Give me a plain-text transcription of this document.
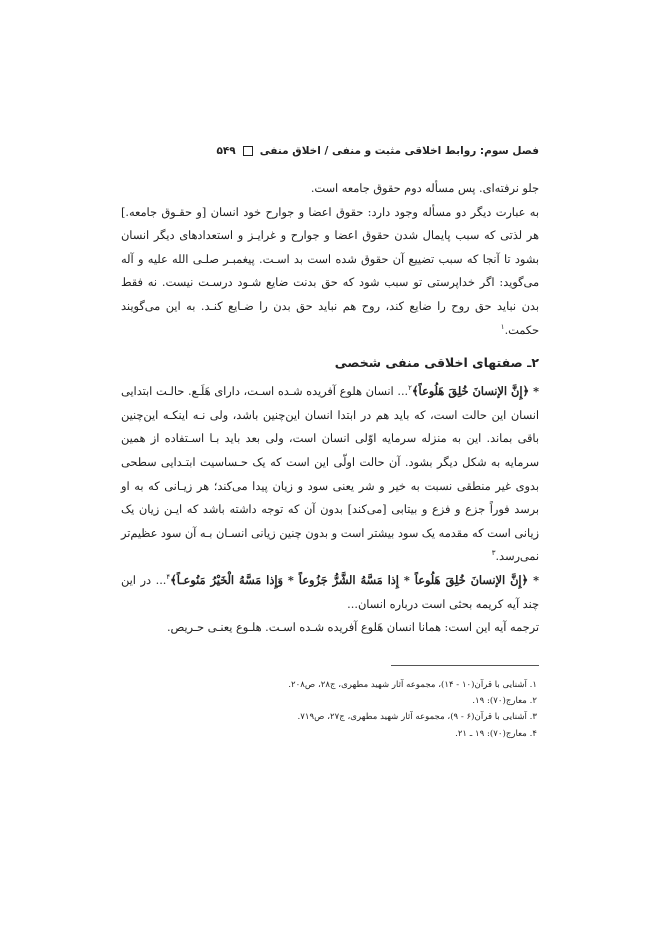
فصل سوم: روابط اخلاقی مثبت و منفی / اخلاق منفی
۵۴۹

جلو نرفته‌ای. پس مسأله دوم حقوق جامعه است.

به عبارت دیگر دو مسأله وجود دارد: حقوق اعضا و جوارح خود انسان [و حقـوق جامعه.] هر لذتی که سبب پایمال شدن حقوق اعضا و جوارح و غرایـز و استعدادهای دیگر انسان بشود تا آنجا که سبب تضییع آن حقوق شده است بد اسـت. پیغمبـر صلـی الله علیه و آله می‌گوید: اگر خداپرستی تو سبب شود که حق بدنت ضایع شـود درسـت نیست. نه فقط بدن نباید حق روح را ضایع کند، روح هم نباید حق بدن را ضـایع کنـد. به این می‌گویند حکمت.$^۱$

۲ـ صفتهای اخلاقی منفی شخصی

* ﴿إِنَّ الإنسانَ خُلِقَ هَلُوعاً﴾$^۲$... انسان هلوع آفریده شـده اسـت، دارای هَلَـع. حالـت ابتدایی انسان این حالت است، که باید هم در ابتدا انسان این‌چنین باشد، ولی نـه اینکـه این‌چنین باقی بماند. این به منزله سرمایه اوّلی انسان است، ولی بعد باید بـا اسـتفاده از همین سرمایه به شکل دیگر بشود. آن حالت اولّی این است که یک حـساسیت ابتـدایی سطحی بدوی غیر منطقی نسبت به خیر و شر یعنی سود و زیان پیدا می‌کند؛ هر زیـانی که به او برسد فوراً جزع و فزع و بیتابی [می‌کند] بدون آن که توجه داشته باشد که ایـن زیان یک زیانی است که مقدمه یک سود بیشتر است و بدون چنین زیانی انسـان بـه آن سود عظیم‌تر نمی‌رسد.$^۳$

* ﴿إِنَّ الإنسانَ خُلِقَ هَلُوعاً * إِذا مَسَّهُ الشَّرُّ جَزُوعاً * وَإِذا مَسَّهُ الْخَيْرُ مَنُوعـاً﴾$^۴$... در این چند آیه کریمه بحثی است درباره انسان...

ترجمه آیه این است: همانا انسان هَلوع آفریده شـده اسـت. هلـوع یعنـی حـریص.

۱. آشنایی با قرآن(۱۰ - ۱۴)، مجموعه آثار شهید مطهری، ج۲۸، ص۲۰۸.
۲. معارج(۷۰): ۱۹.
۳. آشنایی با قرآن(۶ - ۹)، مجموعه آثار شهید مطهری، ج۲۷، ص۷۱۹.
۴. معارج(۷۰): ۱۹ ـ ۲۱.
